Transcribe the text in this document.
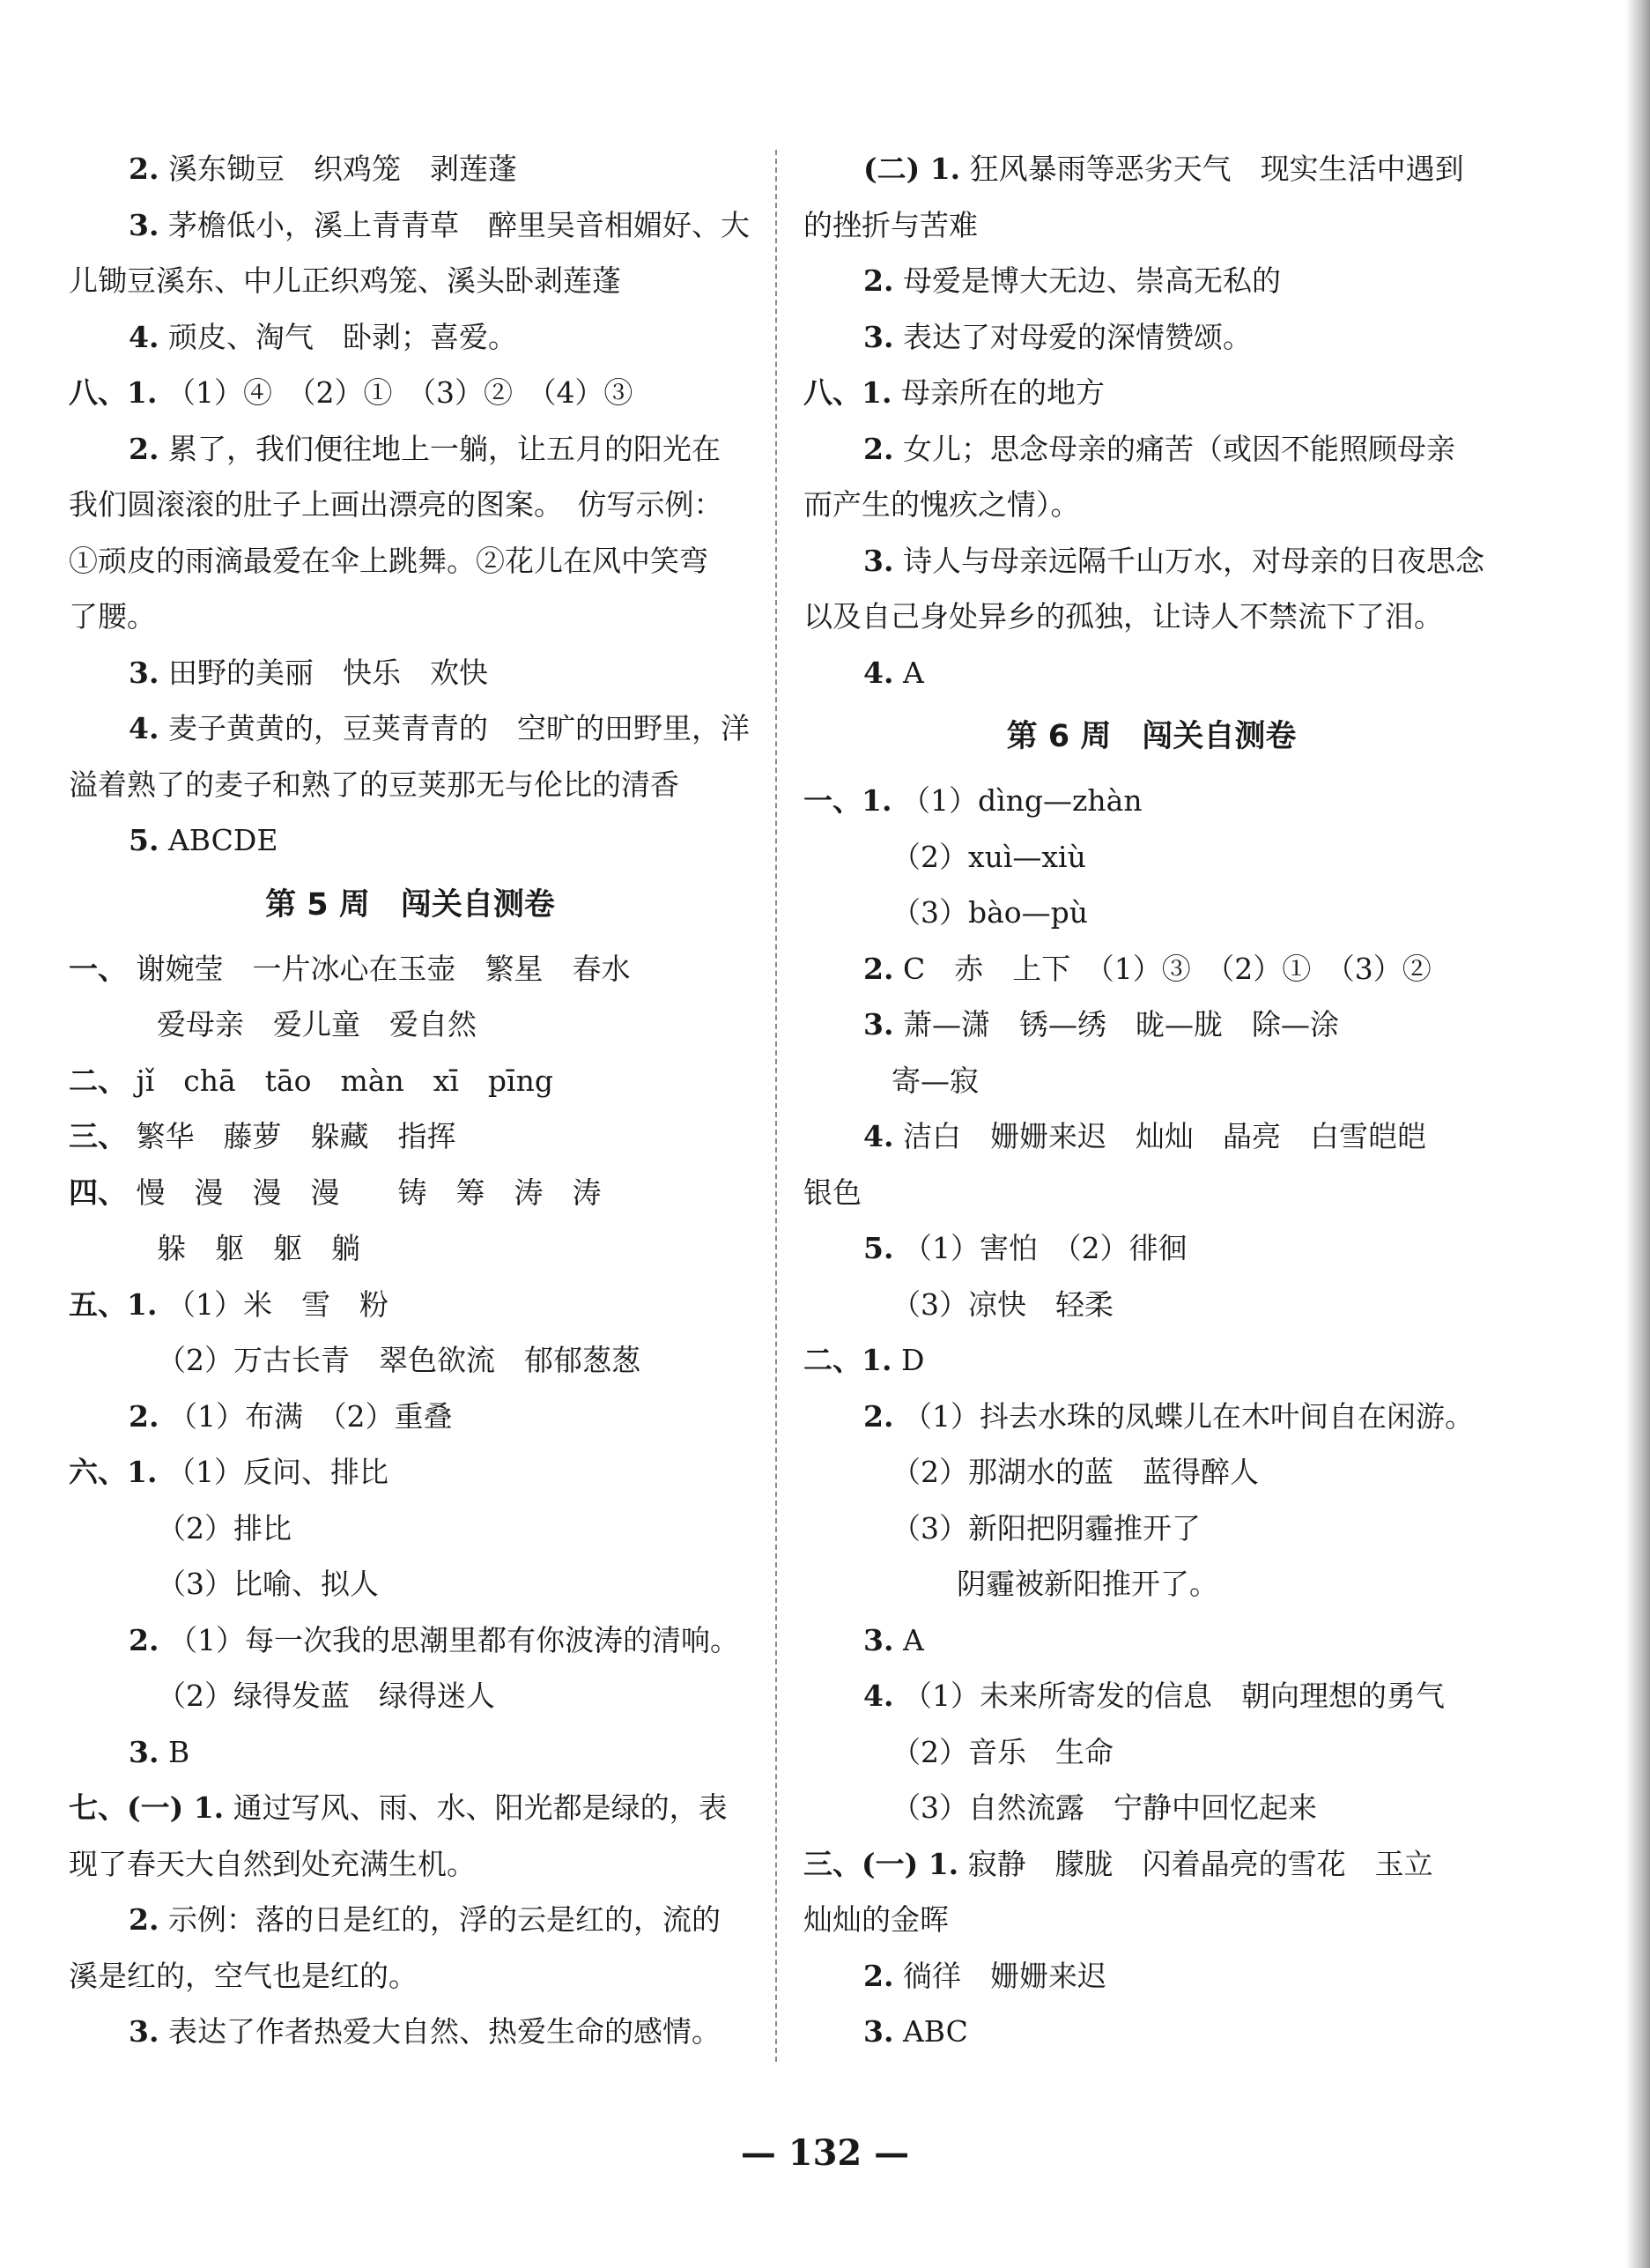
2. 溪东锄豆　织鸡笼　剥莲蓬
3. 茅檐低小，溪上青青草　醉里吴音相媚好、大
儿锄豆溪东、中儿正织鸡笼、溪头卧剥莲蓬
4. 顽皮、淘气　卧剥；喜爱。
八、1. （1）④　（2）①　（3）②　（4）③
2. 累了，我们便往地上一躺，让五月的阳光在
我们圆滚滚的肚子上画出漂亮的图案。　仿写示例：
①顽皮的雨滴最爱在伞上跳舞。②花儿在风中笑弯
了腰。
3. 田野的美丽　快乐　欢快
4. 麦子黄黄的，豆荚青青的　空旷的田野里，洋
溢着熟了的麦子和熟了的豆荚那无与伦比的清香
5. ABCDE
第 5 周　闯关自测卷
一、 谢婉莹　一片冰心在玉壶　繁星　春水
爱母亲　爱儿童　爱自然
二、 jǐ　chā　tāo　màn　xī　pīng
三、 繁华　藤萝　躲藏　指挥
四、 慢　漫　漫　漫　　铸　筹　涛　涛
躲　躯　躯　躺
五、1. （1）米　雪　粉
（2）万古长青　翠色欲流　郁郁葱葱
2. （1）布满　（2）重叠
六、1. （1）反问、排比
（2）排比
（3）比喻、拟人
2. （1）每一次我的思潮里都有你波涛的清响。
（2）绿得发蓝　绿得迷人
3. B
七、(一) 1. 通过写风、雨、水、阳光都是绿的，表
现了春天大自然到处充满生机。
2. 示例：落的日是红的，浮的云是红的，流的
溪是红的，空气也是红的。
3. 表达了作者热爱大自然、热爱生命的感情。
(二) 1. 狂风暴雨等恶劣天气　现实生活中遇到
的挫折与苦难
2. 母爱是博大无边、崇高无私的
3. 表达了对母爱的深情赞颂。
八、1. 母亲所在的地方
2. 女儿；思念母亲的痛苦（或因不能照顾母亲
而产生的愧疚之情）。
3. 诗人与母亲远隔千山万水，对母亲的日夜思念
以及自己身处异乡的孤独，让诗人不禁流下了泪。
4. A
第 6 周　闯关自测卷
一、1. （1）dìng—zhàn
（2）xuì—xiù
（3）bào—pù
2. C　赤　上下　（1）③　（2）①　（3）②
3. 萧—潇　锈—绣　昽—胧　除—涂
寄—寂
4. 洁白　姗姗来迟　灿灿　晶亮　白雪皑皑
银色
5. （1）害怕　（2）徘徊
（3）凉快　轻柔
二、1. D
2. （1）抖去水珠的凤蝶儿在木叶间自在闲游。
（2）那湖水的蓝　蓝得醉人
（3）新阳把阴霾推开了
阴霾被新阳推开了。
3. A
4. （1）未来所寄发的信息　朝向理想的勇气
（2）音乐　生命
（3）自然流露　宁静中回忆起来
三、(一) 1. 寂静　朦胧　闪着晶亮的雪花　玉立
灿灿的金晖
2. 徜徉　姗姗来迟
3. ABC
— 132 —
